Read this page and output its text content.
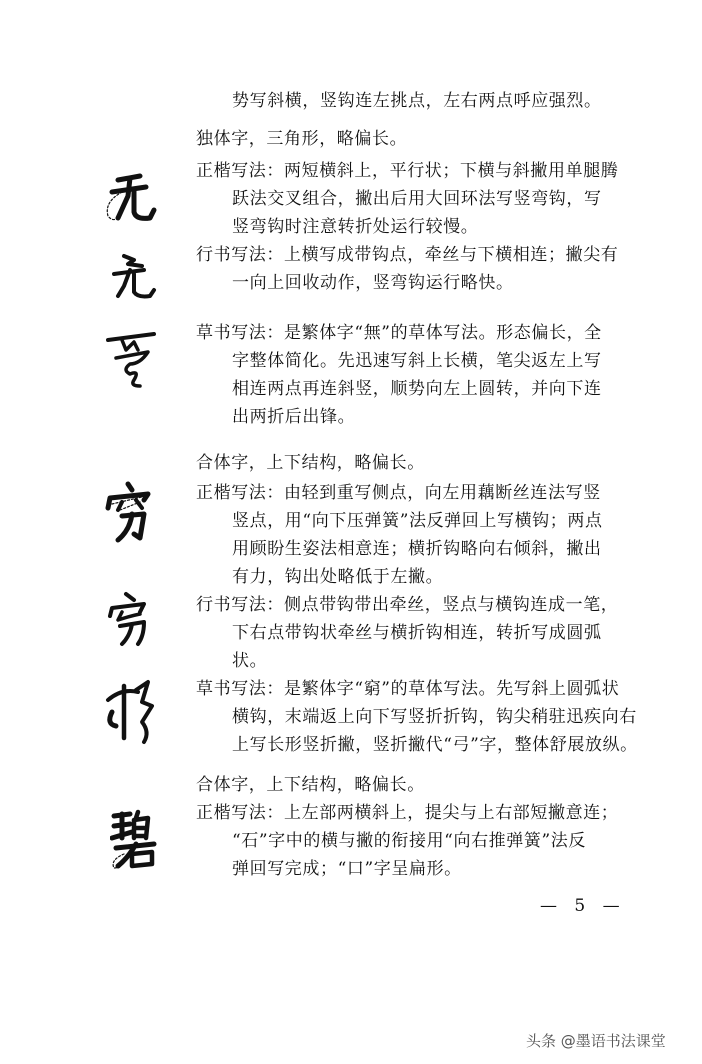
势写斜横，竖钩连左挑点，左右两点呼应强烈。
独体字，三角形，略偏长。
正楷写法：两短横斜上，平行状；下横与斜撇用单腿腾
跃法交叉组合，撇出后用大回环法写竖弯钩，写
竖弯钩时注意转折处运行较慢。
行书写法：上横写成带钩点，牵丝与下横相连；撇尖有
一向上回收动作，竖弯钩运行略快。
草书写法：是繁体字“無”的草体写法。形态偏长，全
字整体简化。先迅速写斜上长横，笔尖返左上写
相连两点再连斜竖，顺势向左上圆转，并向下连
出两折后出锋。
合体字，上下结构，略偏长。
正楷写法：由轻到重写侧点，向左用藕断丝连法写竖
竖点，用“向下压弹簧”法反弹回上写横钩；两点
用顾盼生姿法相意连；横折钩略向右倾斜，撇出
有力，钩出处略低于左撇。
行书写法：侧点带钩带出牵丝，竖点与横钩连成一笔，
下右点带钩状牵丝与横折钩相连，转折写成圆弧
状。
草书写法：是繁体字“窮”的草体写法。先写斜上圆弧状
横钩，末端返上向下写竖折折钩，钩尖稍驻迅疾向右
上写长形竖折撇，竖折撇代“弓”字，整体舒展放纵。
合体字，上下结构，略偏长。
正楷写法：上左部两横斜上，提尖与上右部短撇意连；
“石”字中的横与撇的衔接用“向右推弹簧”法反
弹回写完成；“口”字呈扁形。
— 5 —
头条 @墨语书法课堂
